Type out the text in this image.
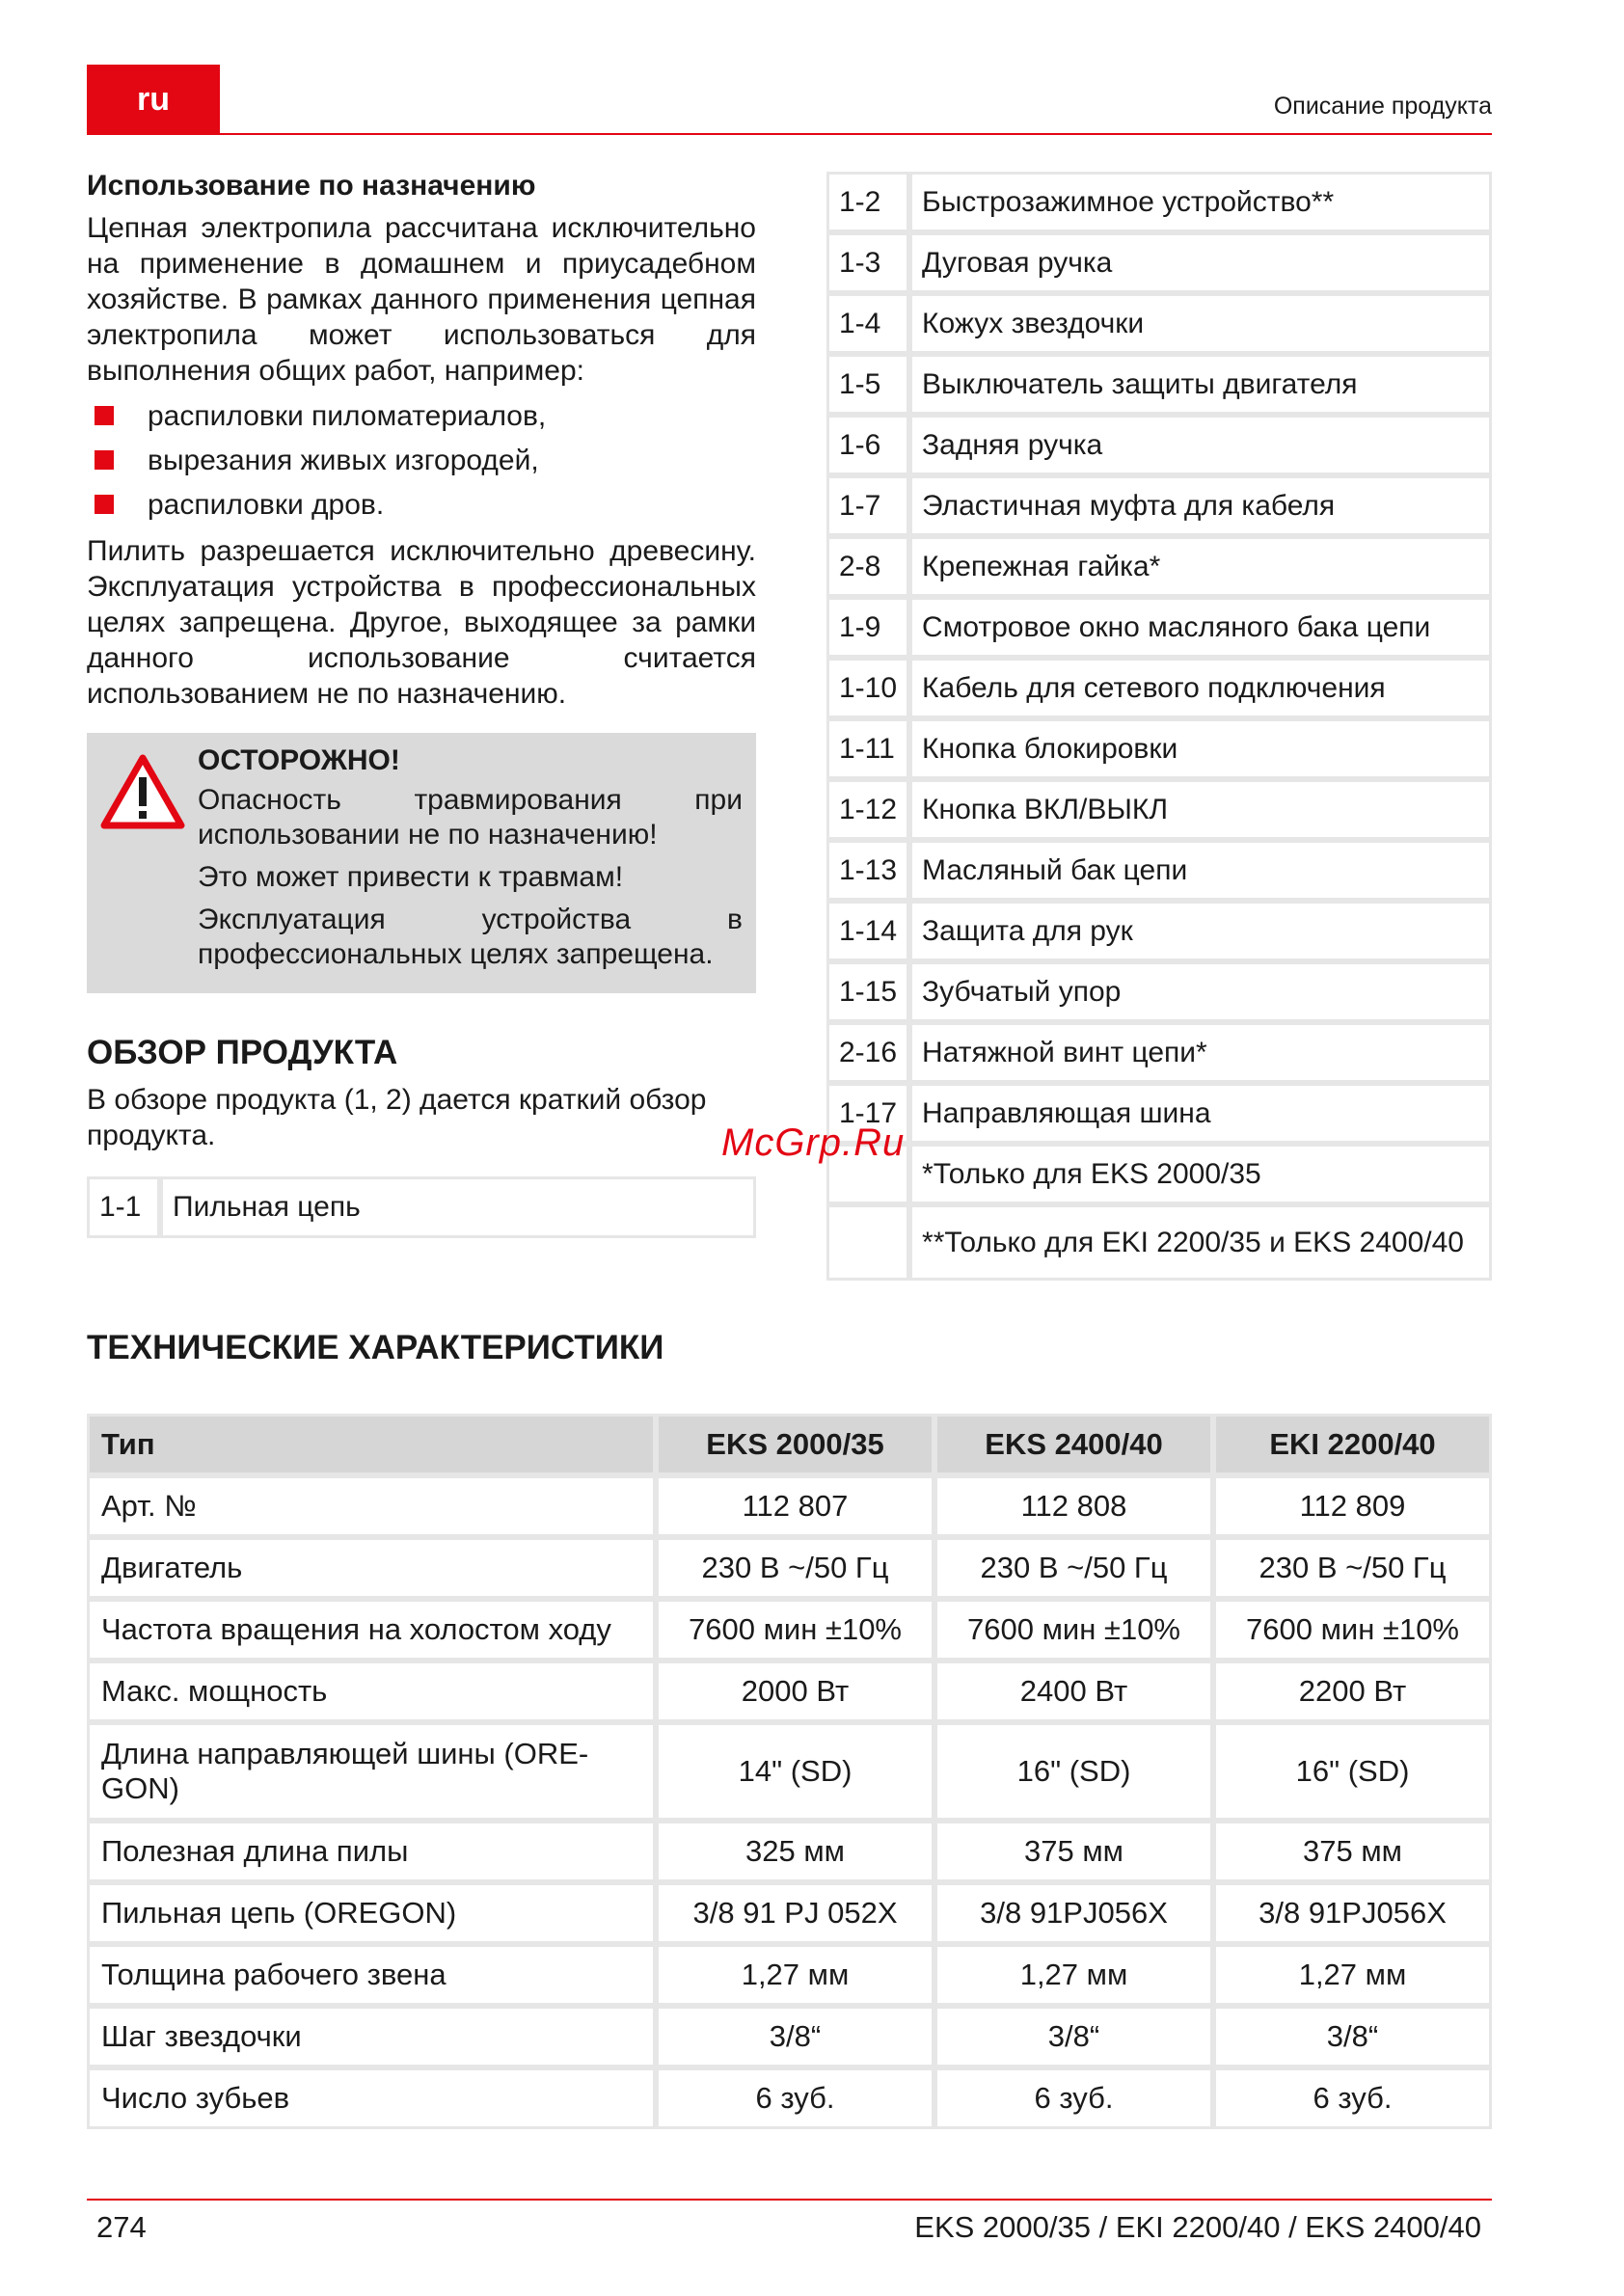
ru	Описание продукта
Использование по назначению

Цепная электропила рассчитана исключительно на применение в домашнем и приусадебном хозяйстве. В рамках данного применения цепная электропила может использоваться для выполнения общих работ, например:

распиловки пиломатериалов,
вырезания живых изгородей,
распиловки дров.

Пилить разрешается исключительно древесину. Эксплуатация устройства в профессиональных целях запрещена. Другое, выходящее за рамки данного использование считается использованием не по назначению.

ОСТОРОЖНО!

Опасность травмирования при использовании не по назначению!

Это может привести к травмам!

Эксплуатация устройства в профессиональных целях запрещена.

ОБЗОР ПРОДУКТА

В обзоре продукта (1, 2) дается краткий обзор продукта.

1-1	Пильная цепь
1-2	Быстрозажимное устройство**
1-3	Дуговая ручка
1-4	Кожух звездочки
1-5	Выключатель защиты двигателя
1-6	Задняя ручка
1-7	Эластичная муфта для кабеля
2-8	Крепежная гайка*
1-9	Смотровое окно масляного бака цепи
1-10	Кабель для сетевого подключения
1-11	Кнопка блокировки
1-12	Кнопка ВКЛ/ВЫКЛ
1-13	Масляный бак цепи
1-14	Защита для рук
1-15	Зубчатый упор
2-16	Натяжной винт цепи*
1-17	Направляющая шина
	*Только для EKS 2000/35
	**Только для EKI 2200/35 и EKS 2400/40
McGrp.Ru
ТЕХНИЧЕСКИЕ ХАРАКТЕРИСТИКИ
Тип	EKS 2000/35	EKS 2400/40	EKI 2200/40
Арт. №	112 807	112 808	112 809
Двигатель	230 В ~/50 Гц	230 В ~/50 Гц	230 В ~/50 Гц
Частота вращения на холостом ходу	7600 мин ±10%	7600 мин ±10%	7600 мин ±10%
Макс. мощность	2000 Вт	2400 Вт	2200 Вт
Длина направляющей шины (ORE-GON)	14" (SD)	16" (SD)	16" (SD)
Полезная длина пилы	325 мм	375 мм	375 мм
Пильная цепь (OREGON)	3/8 91 PJ 052X	3/8 91PJ056X	3/8 91PJ056X
Толщина рабочего звена	1,27 мм	1,27 мм	1,27 мм
Шаг звездочки	3/8“	3/8“	3/8“
Число зубьев	6 зуб.	6 зуб.	6 зуб.
274	EKS 2000/35 / EKI 2200/40 / EKS 2400/40
